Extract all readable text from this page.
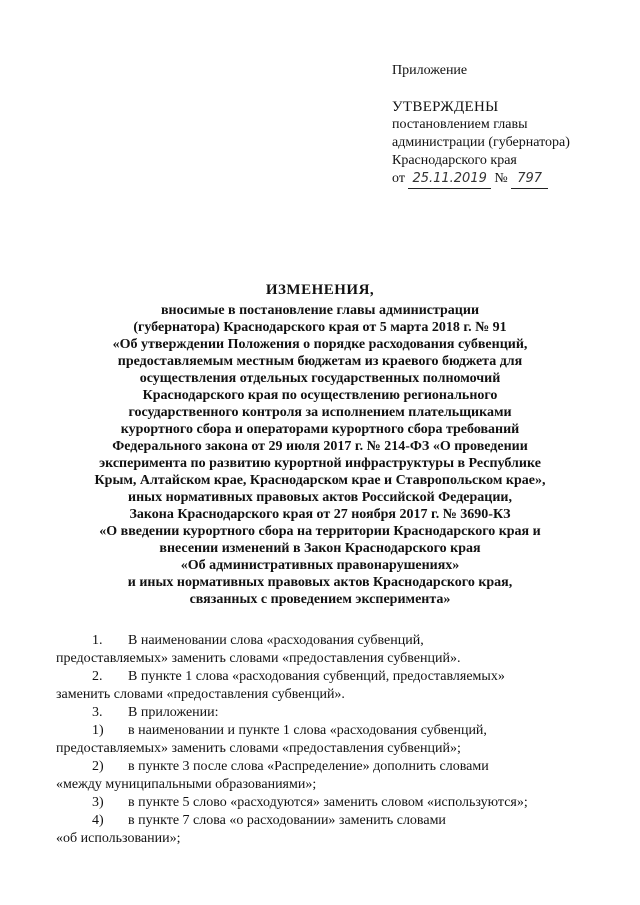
Приложение
УТВЕРЖДЕНЫ
постановлением главы
администрации (губернатора)
Краснодарского края
от 25.11.2019 № 797
ИЗМЕНЕНИЯ,
вносимые в постановление главы администрации
(губернатора) Краснодарского края от 5 марта 2018 г. № 91
«Об утверждении Положения о порядке расходования субвенций,
предоставляемым местным бюджетам из краевого бюджета для
осуществления отдельных государственных полномочий
Краснодарского края по осуществлению регионального
государственного контроля за исполнением плательщиками
курортного сбора и операторами курортного сбора требований
Федерального закона от 29 июля 2017 г. № 214-ФЗ «О проведении
эксперимента по развитию курортной инфраструктуры в Республике
Крым, Алтайском крае, Краснодарском крае и Ставропольском крае»,
иных нормативных правовых актов Российской Федерации,
Закона Краснодарского края от 27 ноября 2017 г. № 3690-КЗ
«О введении курортного сбора на территории Краснодарского края и
внесении изменений в Закон Краснодарского края
«Об административных правонарушениях»
и иных нормативных правовых актов Краснодарского края,
связанных с проведением эксперимента»
1. В наименовании слова «расходования субвенций,
предоставляемых» заменить словами «предоставления субвенций».
2. В пункте 1 слова «расходования субвенций, предоставляемых»
заменить словами «предоставления субвенций».
3. В приложении:
1) в наименовании и пункте 1 слова «расходования субвенций,
предоставляемых» заменить словами «предоставления субвенций»;
2) в пункте 3 после слова «Распределение» дополнить словами
«между муниципальными образованиями»;
3) в пункте 5 слово «расходуются» заменить словом «используются»;
4) в пункте 7 слова «о расходовании» заменить словами
«об использовании»;
